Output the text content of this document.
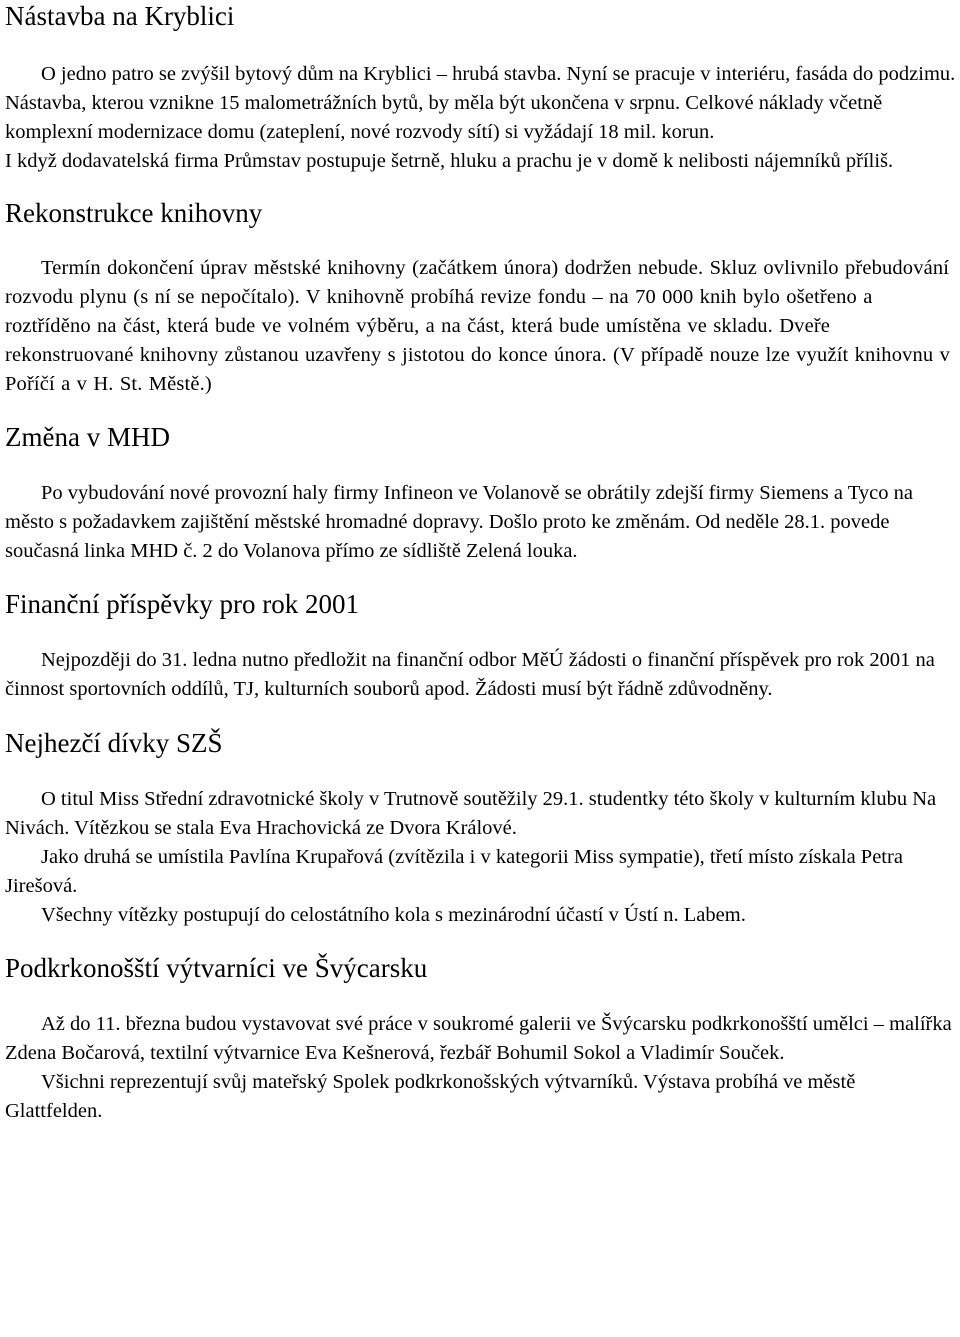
Nástavba na Kryblici

O jedno patro se zvýšil bytový dům na Kryblici – hrubá stavba. Nyní se pracuje v interiéru, fasáda do podzimu. Nástavba, kterou vznikne 15 malometrážních bytů, by měla být ukončena v srpnu. Celkové náklady včetně komplexní modernizace domu (zateplení, nové rozvody sítí) si vyžádají 18 mil. korun.

I když dodavatelská firma Průmstav postupuje šetrně, hluku a prachu je v domě k nelibosti nájemníků příliš.

Rekonstrukce knihovny

Termín dokončení úprav městské knihovny (začátkem února) dodržen nebude. Skluz ovlivnilo přebudování rozvodu plynu (s ní se nepočítalo). V knihovně probíhá revize fondu – na 70 000 knih bylo ošetřeno a roztříděno na část, která bude ve volném výběru, a na část, která bude umístěna ve skladu. Dveře rekonstruované knihovny zůstanou uzavřeny s jistotou do konce února. (V případě nouze lze využít knihovnu v Poříčí a v H. St. Městě.)

Změna v MHD

Po vybudování nové provozní haly firmy Infineon ve Volanově se obrátily zdejší firmy Siemens a Tyco na město s požadavkem zajištění městské hromadné dopravy. Došlo proto ke změnám. Od neděle 28.1. povede současná linka MHD č. 2 do Volanova přímo ze sídliště Zelená louka.

Finanční příspěvky pro rok 2001

Nejpozději do 31. ledna nutno předložit na finanční odbor MěÚ žádosti o finanční příspěvek pro rok 2001 na činnost sportovních oddílů, TJ, kulturních souborů apod. Žádosti musí být řádně zdůvodněny.

Nejhezčí dívky SZŠ

O titul Miss Střední zdravotnické školy v Trutnově soutěžily 29.1. studentky této školy v kulturním klubu Na Nivách. Vítězkou se stala Eva Hrachovická ze Dvora Králové.

Jako druhá se umístila Pavlína Krupařová (zvítězila i v kategorii Miss sympatie), třetí místo získala Petra Jirešová.

Všechny vítězky postupují do celostátního kola s mezinárodní účastí v Ústí n. Labem.

Podkrkonošští výtvarníci ve Švýcarsku

Až do 11. března budou vystavovat své práce v soukromé galerii ve Švýcarsku podkrkonošští umělci – malířka Zdena Bočarová, textilní výtvarnice Eva Kešnerová, řezbář Bohumil Sokol a Vladimír Souček.

Všichni reprezentují svůj mateřský Spolek podkrkonošských výtvarníků. Výstava probíhá ve městě Glattfelden.
